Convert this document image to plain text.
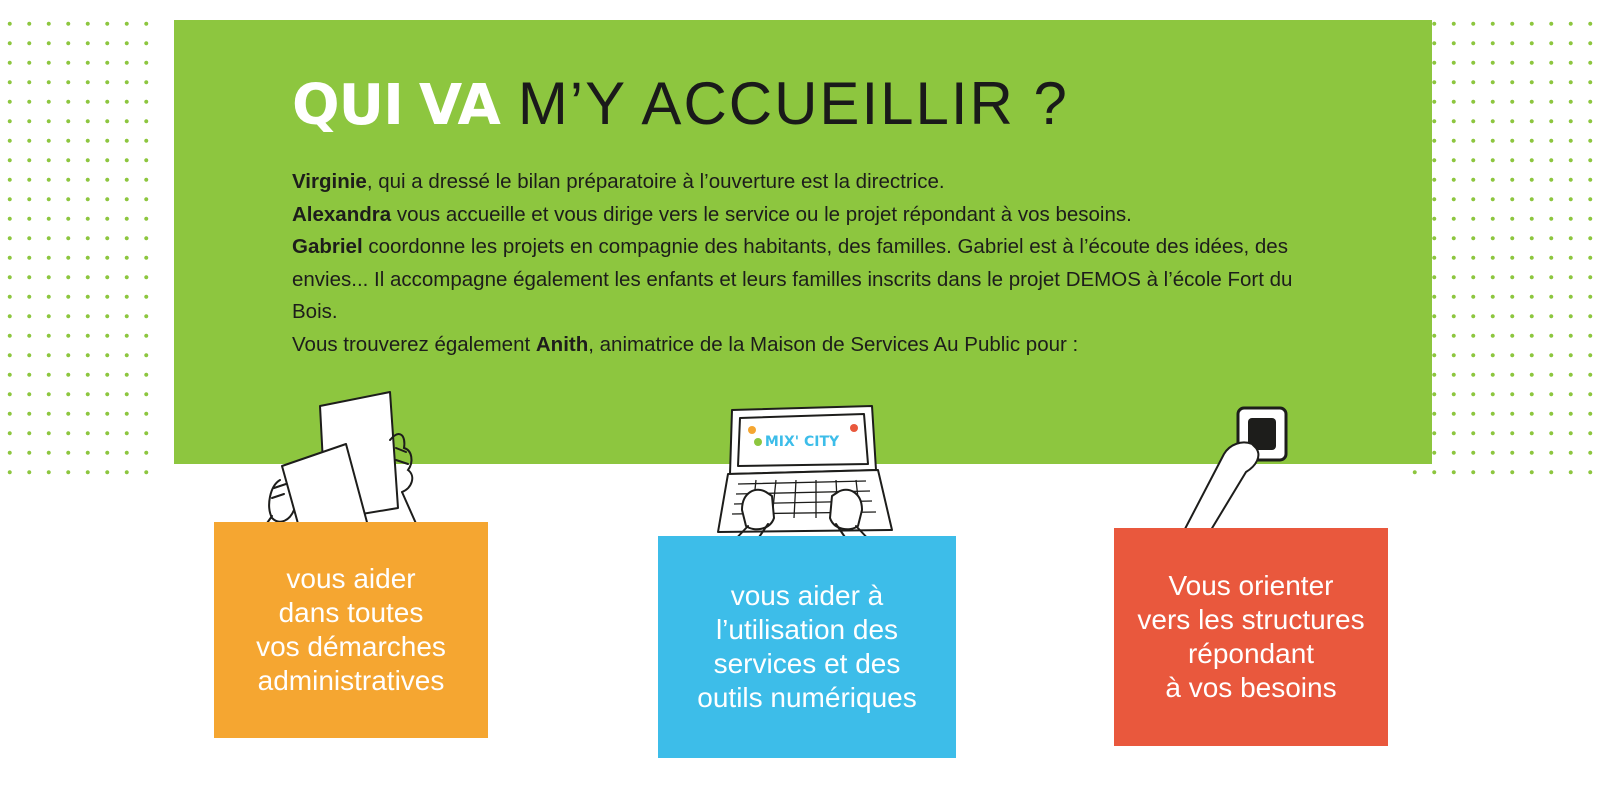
QUI VA M’Y ACCUEILLIR ?

Virginie, qui a dressé le bilan préparatoire à l’ouverture est la directrice.

Alexandra vous accueille et vous dirige vers le service ou le projet répondant à vos besoins.

Gabriel coordonne les projets en compagnie des habitants, des familles. Gabriel est à l’écoute des idées, des envies... Il accompagne également les enfants et leurs familles inscrits dans le projet DEMOS à l’école Fort du Bois.

Vous trouverez également Anith, animatrice de la Maison de Services Au Public pour :

MIX' CITY
vous aider
dans toutes
vos démarches
administratives
vous aider à
l’utilisation des
services et des
outils numériques
Vous orienter
vers les structures
répondant
à vos besoins
